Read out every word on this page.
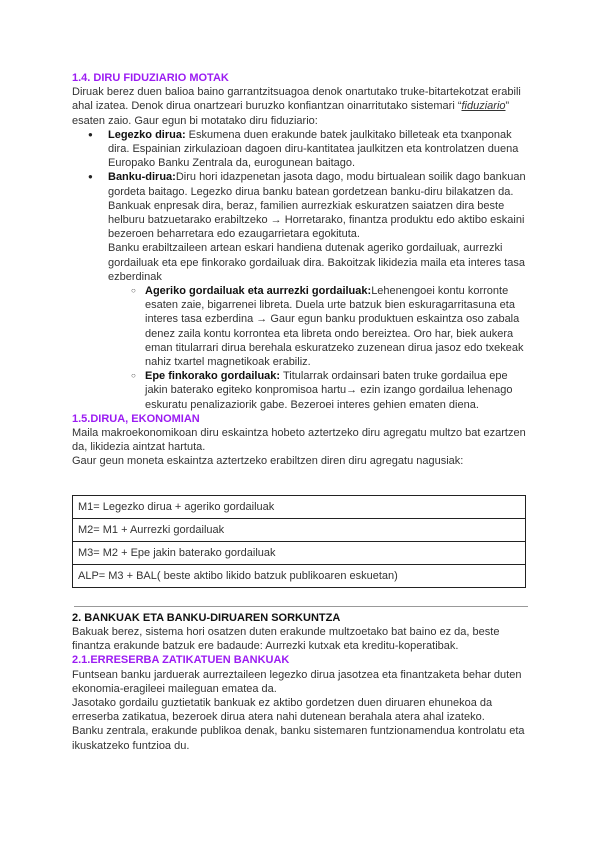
1.4. DIRU FIDUZIARIO MOTAK

Diruak berez duen balioa baino garrantzitsuagoa denok onartutako truke-bitartekotzat erabili ahal izatea. Denok dirua onartzeari buruzko konfiantzan oinarritutako sistemari “fiduziario” esaten zaio. Gaur egun bi motatako diru fiduziario:

● Legezko dirua: Eskumena duen erakunde batek jaulkitako billeteak eta txanponak dira. Espainian zirkulazioan dagoen diru-kantitatea jaulkitzen eta kontrolatzen duena Europako Banku Zentrala da, eurogunean baitago.
● Banku-dirua:Diru hori idazpenetan jasota dago, modu birtualean soilik dago bankuan gordeta baitago. Legezko dirua banku batean gordetzean banku-diru bilakatzen da.

Bankuak enpresak dira, beraz, familien aurrezkiak eskuratzen saiatzen dira beste helburu batzuetarako erabiltzeko → Horretarako, finantza produktu edo aktibo eskaini bezeroen beharretara edo ezaugarrietara egokituta.

Banku erabiltzaileen artean eskari handiena dutenak ageriko gordailuak, aurrezki gordailuak eta epe finkorako gordailuak dira. Bakoitzak likidezia maila eta interes tasa ezberdinak

○ Ageriko gordailuak eta aurrezki gordailuak:Lehenengoei kontu korronte esaten zaie, bigarrenei libreta. Duela urte batzuk bien eskuragarritasuna eta interes tasa ezberdina → Gaur egun banku produktuen eskaintza oso zabala denez zaila kontu korrontea eta libreta ondo bereiztea. Oro har, biek aukera eman titularrari dirua berehala eskuratzeko zuzenean dirua jasoz edo txekeak nahiz txartel magnetikoak erabiliz.
○ Epe finkorako gordailuak: Titularrak ordainsari baten truke gordailua epe jakin baterako egiteko konpromisoa hartu→ ezin izango gordailua lehenago eskuratu penalizaziorik gabe. Bezeroei interes gehien ematen diena.

1.5.DIRUA, EKONOMIAN

Maila makroekonomikoan diru eskaintza hobeto aztertzeko diru agregatu multzo bat ezartzen da, likidezia aintzat hartuta.

Gaur geun moneta eskaintza aztertzeko erabiltzen diren diru agregatu nagusiak:

M1= Legezko dirua + ageriko gordailuak
M2= M1 + Aurrezki gordailuak
M3= M2 + Epe jakin baterako gordailuak
ALP= M3 + BAL( beste aktibo likido batzuk publikoaren eskuetan)

2. BANKUAK ETA BANKU-DIRUAREN SORKUNTZA

Bakuak berez, sistema hori osatzen duten erakunde multzoetako bat baino ez da, beste finantza erakunde batzuk ere badaude: Aurrezki kutxak eta kreditu-koperatibak.

2.1.ERRESERBA ZATIKATUEN BANKUAK

Funtsean banku jarduerak aurreztaileen legezko dirua jasotzea eta finantzaketa behar duten ekonomia-eragileei maileguan ematea da.

Jasotako gordailu guztietatik bankuak ez aktibo gordetzen duen diruaren ehunekoa da erreserba zatikatua, bezeroek dirua atera nahi dutenean berahala atera ahal izateko.

Banku zentrala, erakunde publikoa denak, banku sistemaren funtzionamendua kontrolatu eta ikuskatzeko funtzioa du.
